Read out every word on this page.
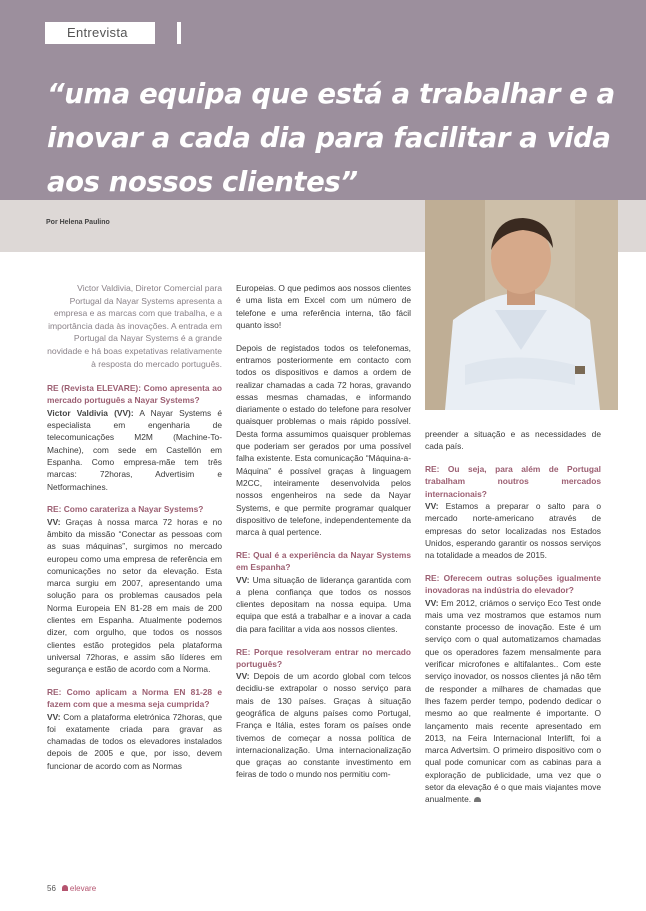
Entrevista
“uma equipa que está a trabalhar e a inovar a cada dia para facilitar a vida aos nossos clientes”
Por Helena Paulino

Victor Valdivia, Diretor Comercial para Portugal da Nayar Systems apresenta a empresa e as marcas com que trabalha, e a importância dada às inovações. A entrada em Portugal da Nayar Systems é a grande novidade e há boas expetativas relativamente à resposta do mercado português.

RE (Revista ELEVARE): Como apresenta ao mercado português a Nayar Systems?
Victor Valdivia (VV): A Nayar Systems é especialista em engenharia de telecomunicações M2M (Machine-To-Machine), com sede em Castellón em Espanha. Como empresa-mãe tem três marcas: 72horas, Advertisim e Netformachines.

RE: Como carateriza a Nayar Systems?
VV: Graças à nossa marca 72 horas e no âmbito da missão “Conectar as pessoas com as suas máquinas”, surgimos no mercado europeu como uma empresa de referência em comunicações no setor da elevação. Esta marca surgiu em 2007, apresentando uma solução para os problemas causados pela Norma Europeia EN 81-28 em mais de 200 clientes em Espanha. Atualmente podemos dizer, com orgulho, que todos os nossos clientes estão protegidos pela plataforma universal 72horas, e assim são líderes em segurança e estão de acordo com a Norma.

RE: Como aplicam a Norma EN 81-28 e fazem com que a mesma seja cumprida?
VV: Com a plataforma eletrónica 72horas, que foi exatamente criada para gravar as chamadas de todos os elevadores instalados depois de 2005 e que, por isso, devem funcionar de acordo com as Normas

Europeias. O que pedimos aos nossos clientes é uma lista em Excel com um número de telefone e uma referência interna, tão fácil quanto isso!

Depois de registados todos os telefonemas, entramos posteriormente em contacto com todos os dispositivos e damos a ordem de realizar chamadas a cada 72 horas, gravando essas mesmas chamadas, e informando diariamente o estado do telefone para resolver quaisquer problemas o mais rápido possível. Desta forma assumimos quaisquer problemas que poderiam ser gerados por uma possível falha existente. Esta comunicação “Máquina-a-Máquina” é possível graças à linguagem M2CC, inteiramente desenvolvida pelos nossos engenheiros na sede da Nayar Systems, e que permite programar qualquer dispositivo de telefone, independentemente da marca à qual pertence.

RE: Qual é a experiência da Nayar Systems em Espanha?
VV: Uma situação de liderança garantida com a plena confiança que todos os nossos clientes depositam na nossa equipa. Uma equipa que está a trabalhar e a inovar a cada dia para facilitar a vida aos nossos clientes.

RE: Porque resolveram entrar no mercado português?
VV: Depois de um acordo global com telcos decidiu-se extrapolar o nosso serviço para mais de 130 países. Graças à situação geográfica de alguns países como Portugal, França e Itália, estes foram os países onde tivemos de começar a nossa política de internacionalização. Uma internacionalização que graças ao constante investimento em feiras de todo o mundo nos permitiu com-

preender a situação e as necessidades de cada país.

RE: Ou seja, para além de Portugal trabalham noutros mercados internacionais?
VV: Estamos a preparar o salto para o mercado norte-americano através de empresas do setor localizadas nos Estados Unidos, esperando garantir os nossos serviços na totalidade a meados de 2015.

RE: Oferecem outras soluções igualmente inovadoras na indústria do elevador?
VV: Em 2012, criámos o serviço Eco Test onde mais uma vez mostramos que estamos num constante processo de inovação. Este é um serviço com o qual automatizamos chamadas que os operadores fazem mensalmente para verificar microfones e altifalantes.. Com este serviço inovador, os nossos clientes já não têm de responder a milhares de chamadas que lhes fazem perder tempo, podendo dedicar o mesmo ao que realmente é importante. O lançamento mais recente apresentado em 2013, na Feira Internacional Interlift, foi a marca Advertsim. O primeiro dispositivo com o qual pode comunicar com as cabinas para a exploração de publicidade, uma vez que o setor da elevação é o que mais viajantes move anualmente.

56	elevare
